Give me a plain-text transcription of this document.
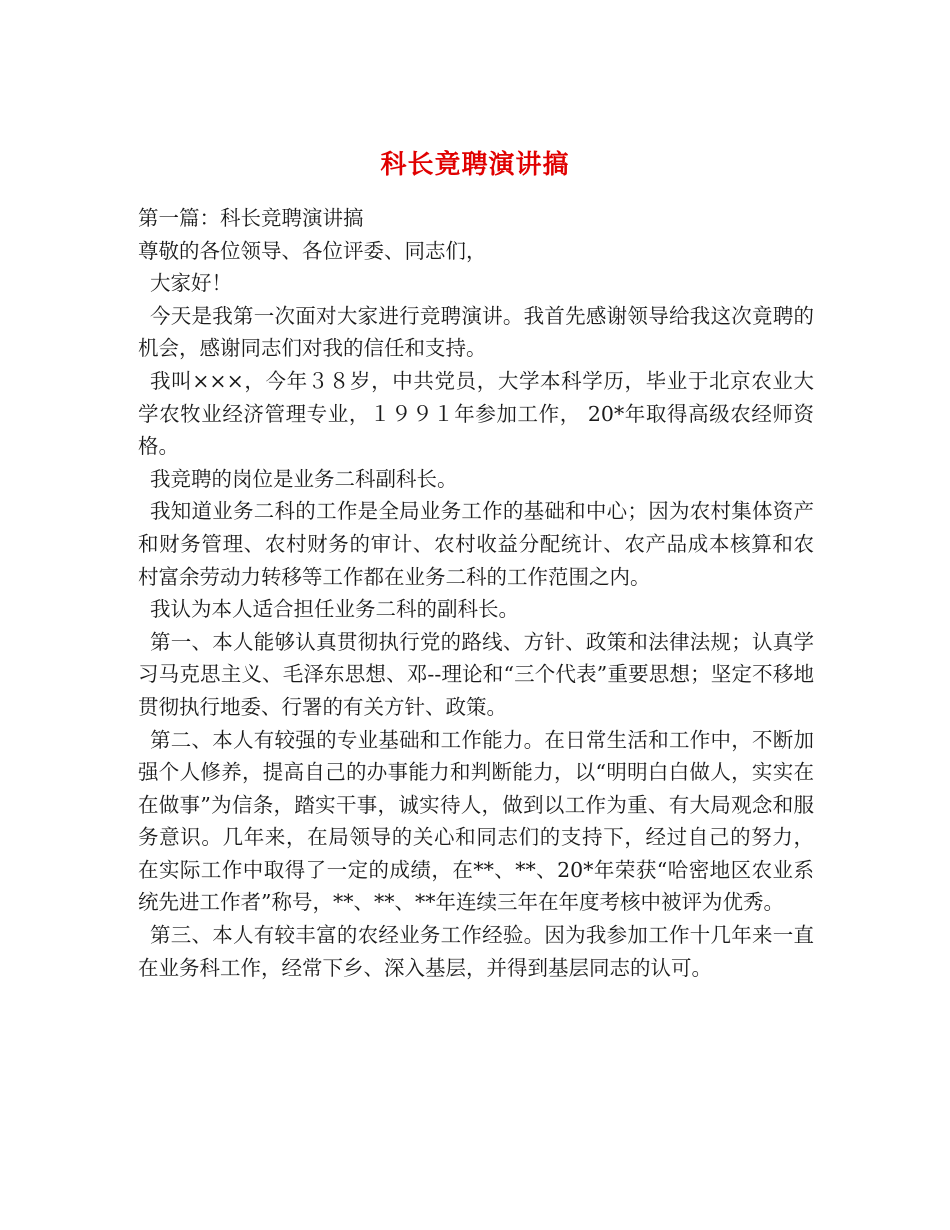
科长竟聘演讲搞

第一篇：科长竞聘演讲搞

尊敬的各位领导、各位评委、同志们，

大家好！

今天是我第一次面对大家进行竞聘演讲。我首先感谢领导给我这次竟聘的机会，感谢同志们对我的信任和支持。

我叫×××，今年３８岁，中共党员，大学本科学历，毕业于北京农业大学农牧业经济管理专业，１９９１年参加工作， 20*年取得高级农经师资格。

我竞聘的岗位是业务二科副科长。

我知道业务二科的工作是全局业务工作的基础和中心；因为农村集体资产和财务管理、农村财务的审计、农村收益分配统计、农产品成本核算和农村富余劳动力转移等工作都在业务二科的工作范围之内。

我认为本人适合担任业务二科的副科长。

第一、本人能够认真贯彻执行党的路线、方针、政策和法律法规；认真学习马克思主义、毛泽东思想、邓--理论和“三个代表”重要思想；坚定不移地贯彻执行地委、行署的有关方针、政策。

第二、本人有较强的专业基础和工作能力。在日常生活和工作中，不断加强个人修养，提高自己的办事能力和判断能力，以“明明白白做人，实实在在做事”为信条，踏实干事，诚实待人，做到以工作为重、有大局观念和服务意识。几年来，在局领导的关心和同志们的支持下，经过自己的努力，在实际工作中取得了一定的成绩，在**、**、20*年荣获“哈密地区农业系统先进工作者”称号，**、**、**年连续三年在年度考核中被评为优秀。

第三、本人有较丰富的农经业务工作经验。因为我参加工作十几年来一直在业务科工作，经常下乡、深入基层，并得到基层同志的认可。
